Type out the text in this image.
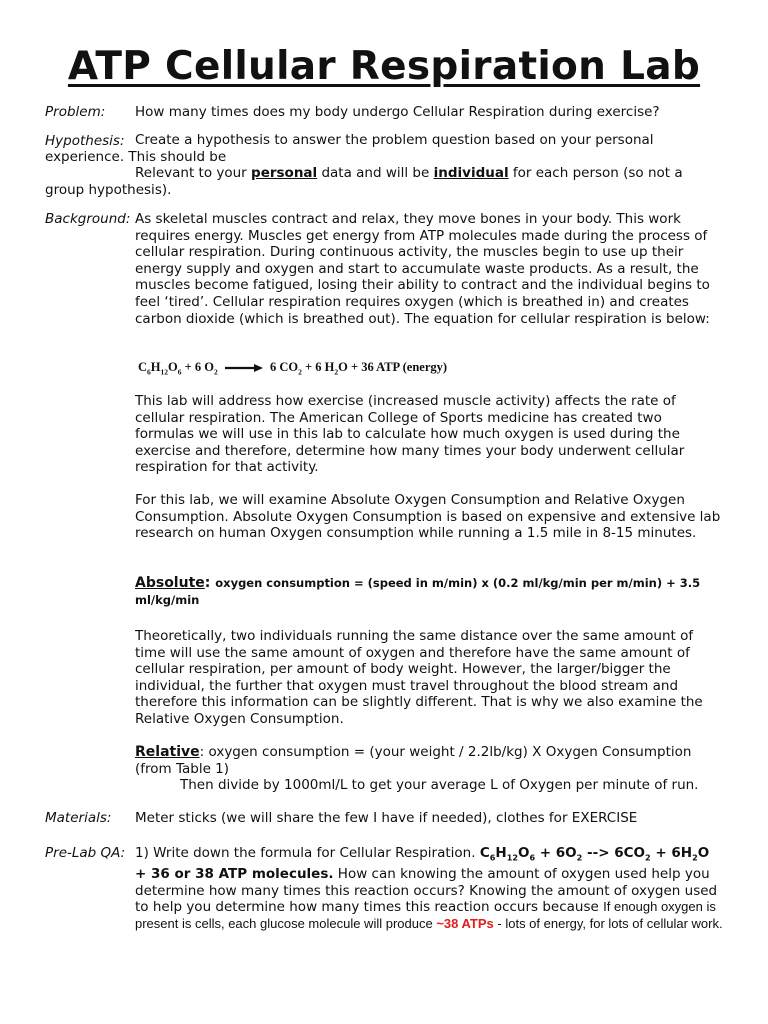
ATP Cellular Respiration Lab
Problem: How many times does my body undergo Cellular Respiration during exercise?
Hypothesis: Create a hypothesis to answer the problem question based on your personal experience. This should be
Relevant to your personal data and will be individual for each person (so not a group hypothesis).
Background: As skeletal muscles contract and relax, they move bones in your body. This work requires energy. Muscles get energy from ATP molecules made during the process of cellular respiration. During continuous activity, the muscles begin to use up their energy supply and oxygen and start to accumulate waste products. As a result, the muscles become fatigued, losing their ability to contract and the individual begins to feel ‘tired’. Cellular respiration requires oxygen (which is breathed in) and creates carbon dioxide (which is breathed out). The equation for cellular respiration is below:
$C_6H_{12}O_6 + 6$ $O_2$	6 $CO_2 + 6$ $H_2O + 36$ ATP (energy)
This lab will address how exercise (increased muscle activity) affects the rate of cellular respiration. The American College of Sports medicine has created two formulas we will use in this lab to calculate how much oxygen is used during the exercise and therefore, determine how many times your body underwent cellular respiration for that activity.
For this lab, we will examine Absolute Oxygen Consumption and Relative Oxygen Consumption. Absolute Oxygen Consumption is based on expensive and extensive lab research on human Oxygen consumption while running a 1.5 mile in 8-15 minutes.
Absolute: oxygen consumption = (speed in m/min) x (0.2 ml/kg/min per m/min) + 3.5 ml/kg/min
Theoretically, two individuals running the same distance over the same amount of time will use the same amount of oxygen and therefore have the same amount of cellular respiration, per amount of body weight. However, the larger/bigger the individual, the further that oxygen must travel throughout the blood stream and therefore this information can be slightly different. That is why we also examine the Relative Oxygen Consumption.
Relative: oxygen consumption = (your weight / 2.2lb/kg) X Oxygen Consumption (from Table 1)
Then divide by 1000ml/L to get your average L of Oxygen per minute of run.
Materials: Meter sticks (we will share the few I have if needed), clothes for EXERCISE
Pre-Lab QA: 1) Write down the formula for Cellular Respiration. $C_6H_{12}O_6 + 6O_2$ --> $6CO_2 + 6H_2O + 36$ or 38 ATP molecules. How can knowing the amount of oxygen used help you determine how many times this reaction occurs? Knowing the amount of oxygen used to help you determine how many times this reaction occurs because If enough oxygen is present is cells, each glucose molecule will produce ~38 ATPs - lots of energy, for lots of cellular work.
